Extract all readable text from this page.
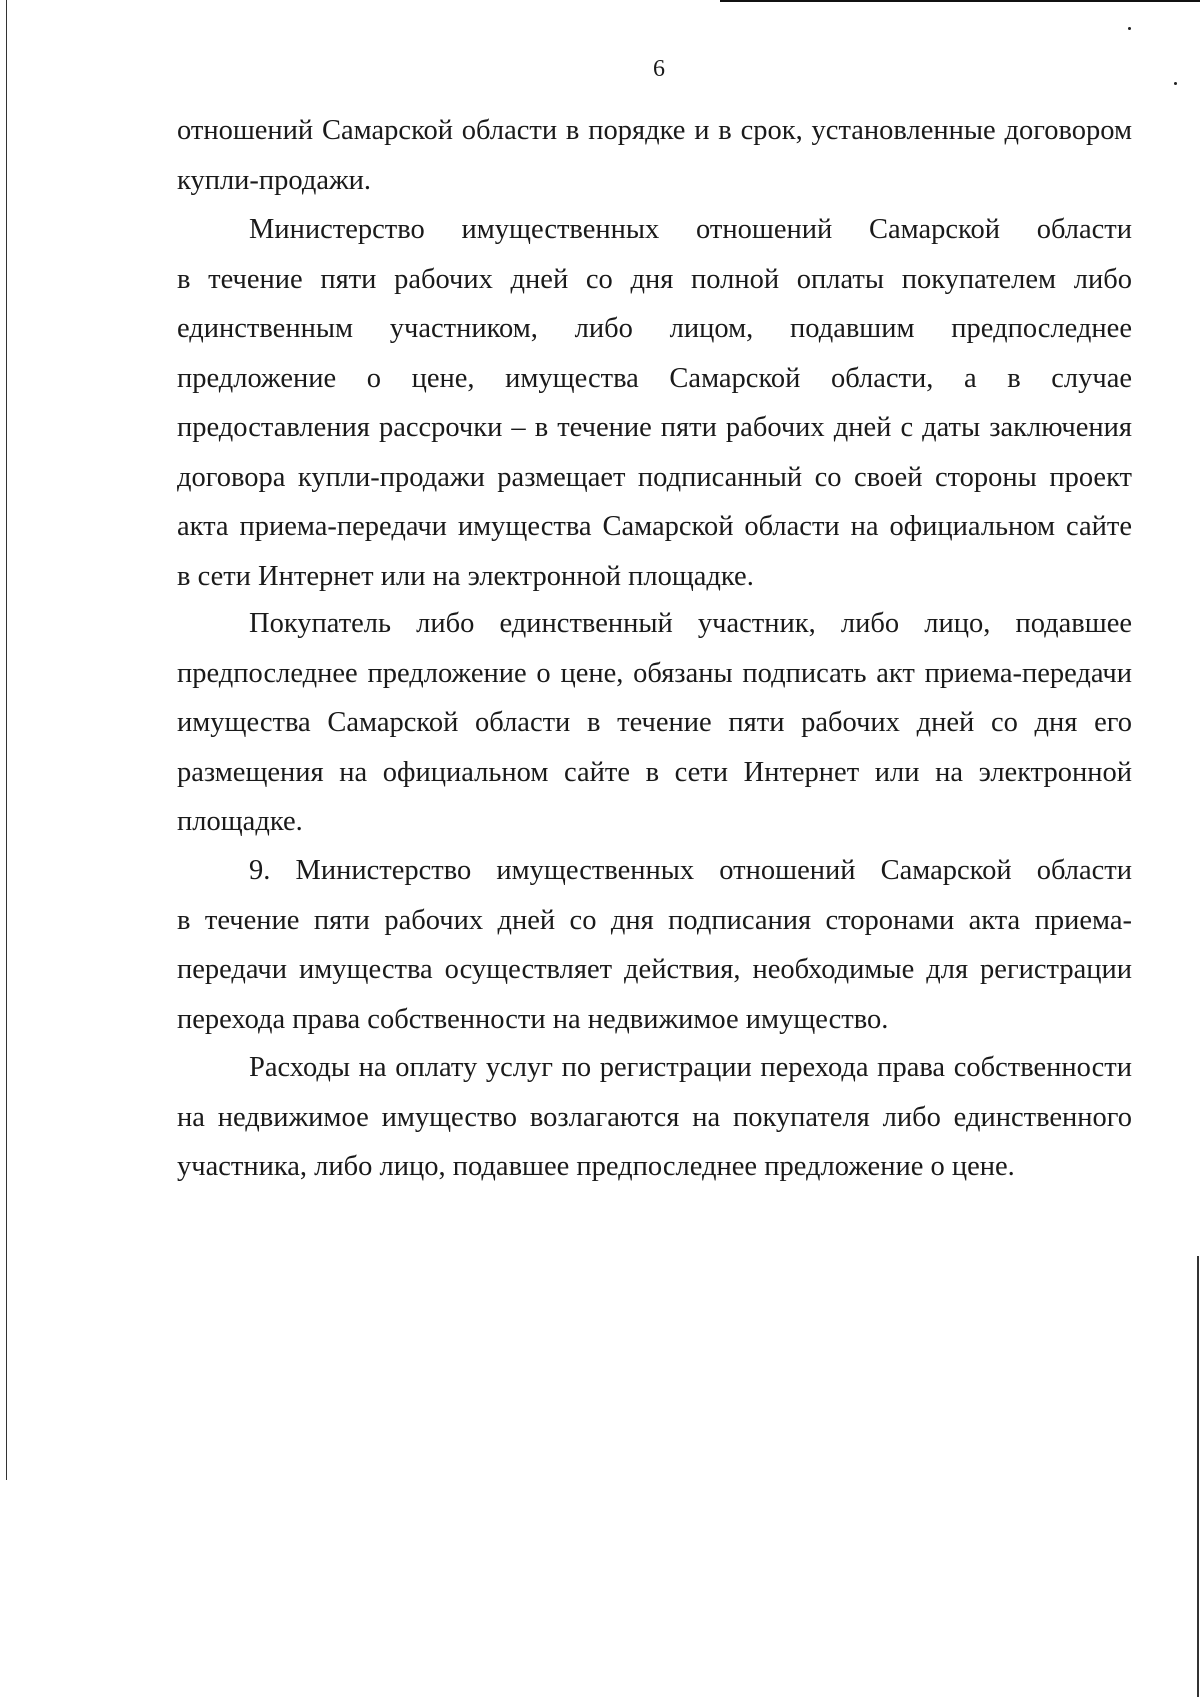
6

отношений Самарской области в порядке и в срок, установленные договором
купли-продажи.

Министерство имущественных отношений Самарской области
в течение пяти рабочих дней со дня полной оплаты покупателем либо
единственным участником, либо лицом, подавшим предпоследнее
предложение о цене, имущества Самарской области, а в случае
предоставления рассрочки – в течение пяти рабочих дней с даты заключения
договора купли-продажи размещает подписанный со своей стороны проект
акта приема-передачи имущества Самарской области на официальном сайте
в сети Интернет или на электронной площадке.

Покупатель либо единственный участник, либо лицо, подавшее
предпоследнее предложение о цене, обязаны подписать акт приема-передачи
имущества Самарской области в течение пяти рабочих дней со дня его
размещения на официальном сайте в сети Интернет или на электронной
площадке.

9. Министерство имущественных отношений Самарской области
в течение пяти рабочих дней со дня подписания сторонами акта приема-
передачи имущества осуществляет действия, необходимые для регистрации
перехода права собственности на недвижимое имущество.

Расходы на оплату услуг по регистрации перехода права собственности
на недвижимое имущество возлагаются на покупателя либо единственного
участника, либо лицо, подавшее предпоследнее предложение о цене.
